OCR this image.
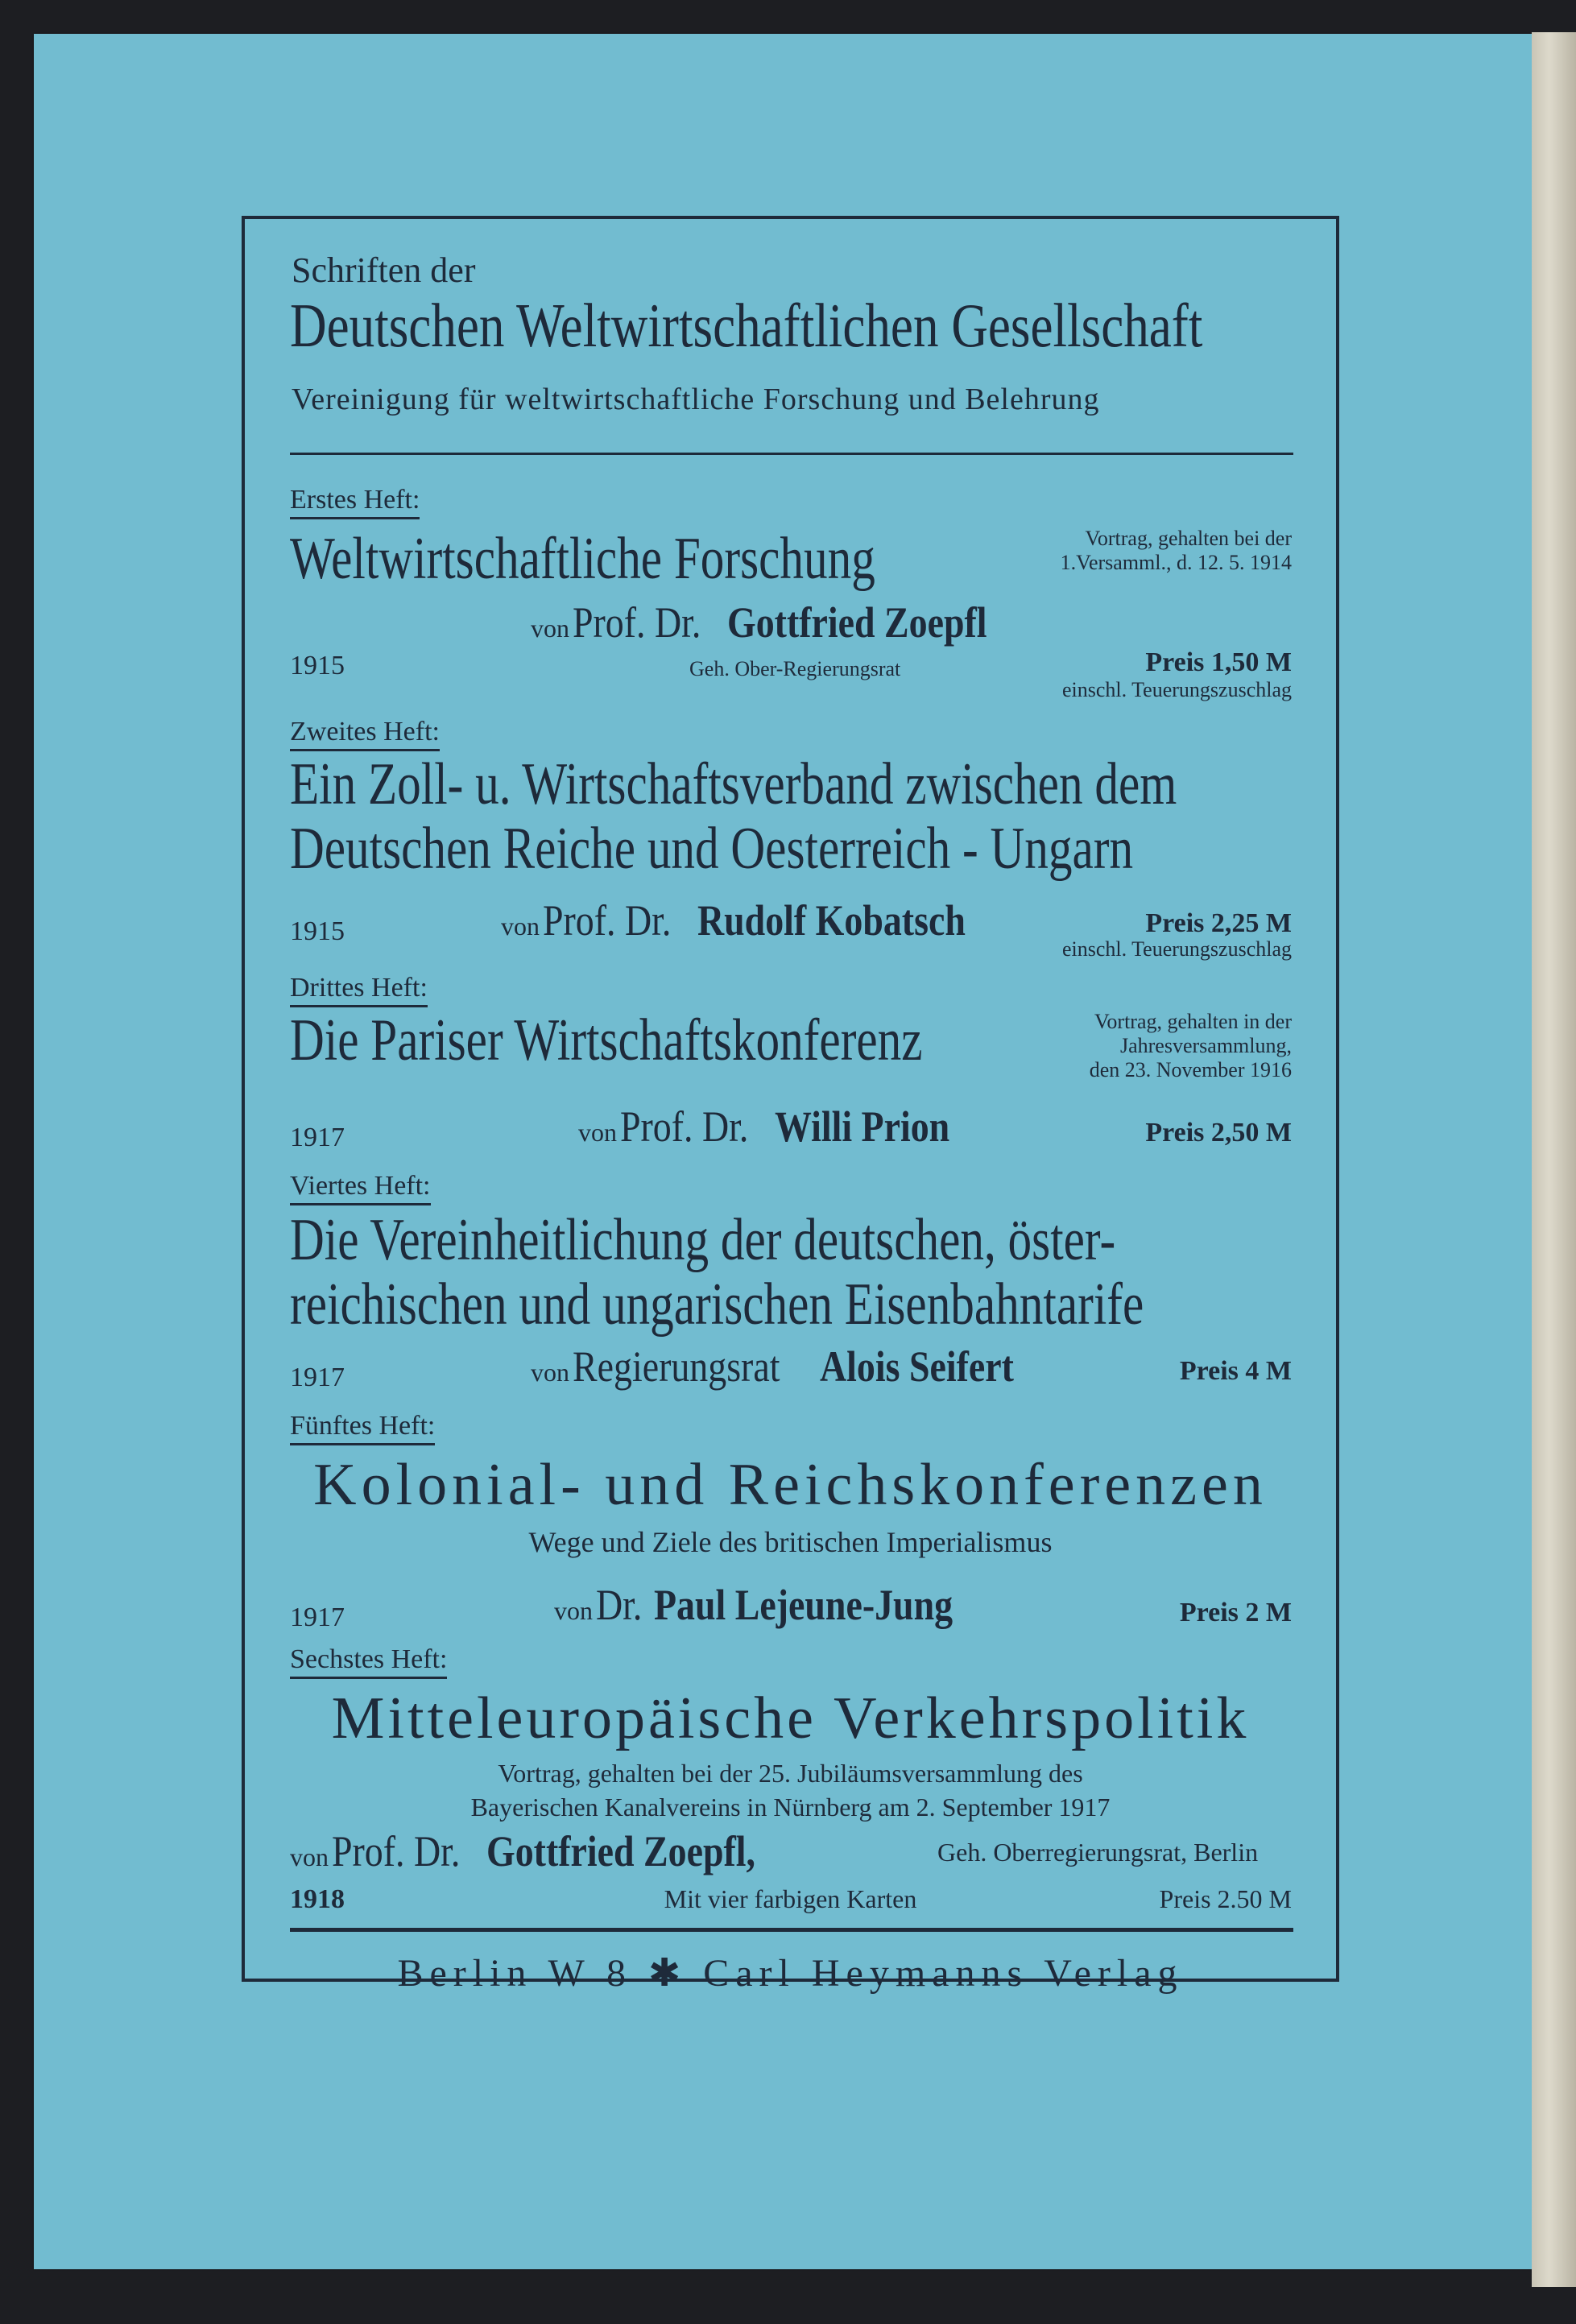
Schriften der
Deutschen Weltwirtschaftlichen Gesellschaft
Vereinigung für weltwirtschaftliche Forschung und Belehrung
Erstes Heft:
Weltwirtschaftliche Forschung	Vortrag, gehalten bei der
1.Versamml., d. 12. 5. 1914
von Prof. Dr. Gottfried Zoepfl
1915	Geh. Ober-Regierungsrat	Preis 1,50 M
einschl. Teuerungszuschlag
Zweites Heft:
Ein Zoll- u. Wirtschaftsverband zwischen dem
Deutschen Reiche und Oesterreich - Ungarn
1915	von Prof. Dr. Rudolf Kobatsch	Preis 2,25 M
einschl. Teuerungszuschlag
Drittes Heft:
Die Pariser Wirtschaftskonferenz	Vortrag, gehalten in der
Jahresversammlung,
den 23. November 1916
1917	von Prof. Dr. Willi Prion	Preis 2,50 M
Viertes Heft:
Die Vereinheitlichung der deutschen, öster-
reichischen und ungarischen Eisenbahntarife
1917	von Regierungsrat Alois Seifert	Preis 4 M
Fünftes Heft:
Kolonial- und Reichskonferenzen
Wege und Ziele des britischen Imperialismus
1917	von Dr. Paul Lejeune-Jung	Preis 2 M
Sechstes Heft:
Mitteleuropäische Verkehrspolitik
Vortrag, gehalten bei der 25. Jubiläumsversammlung des
Bayerischen Kanalvereins in Nürnberg am 2. September 1917
von Prof. Dr. Gottfried Zoepfl,	Geh. Oberregierungsrat, Berlin
1918	Mit vier farbigen Karten	Preis 2.50 M
Berlin W 8 ✱ Carl Heymanns Verlag
